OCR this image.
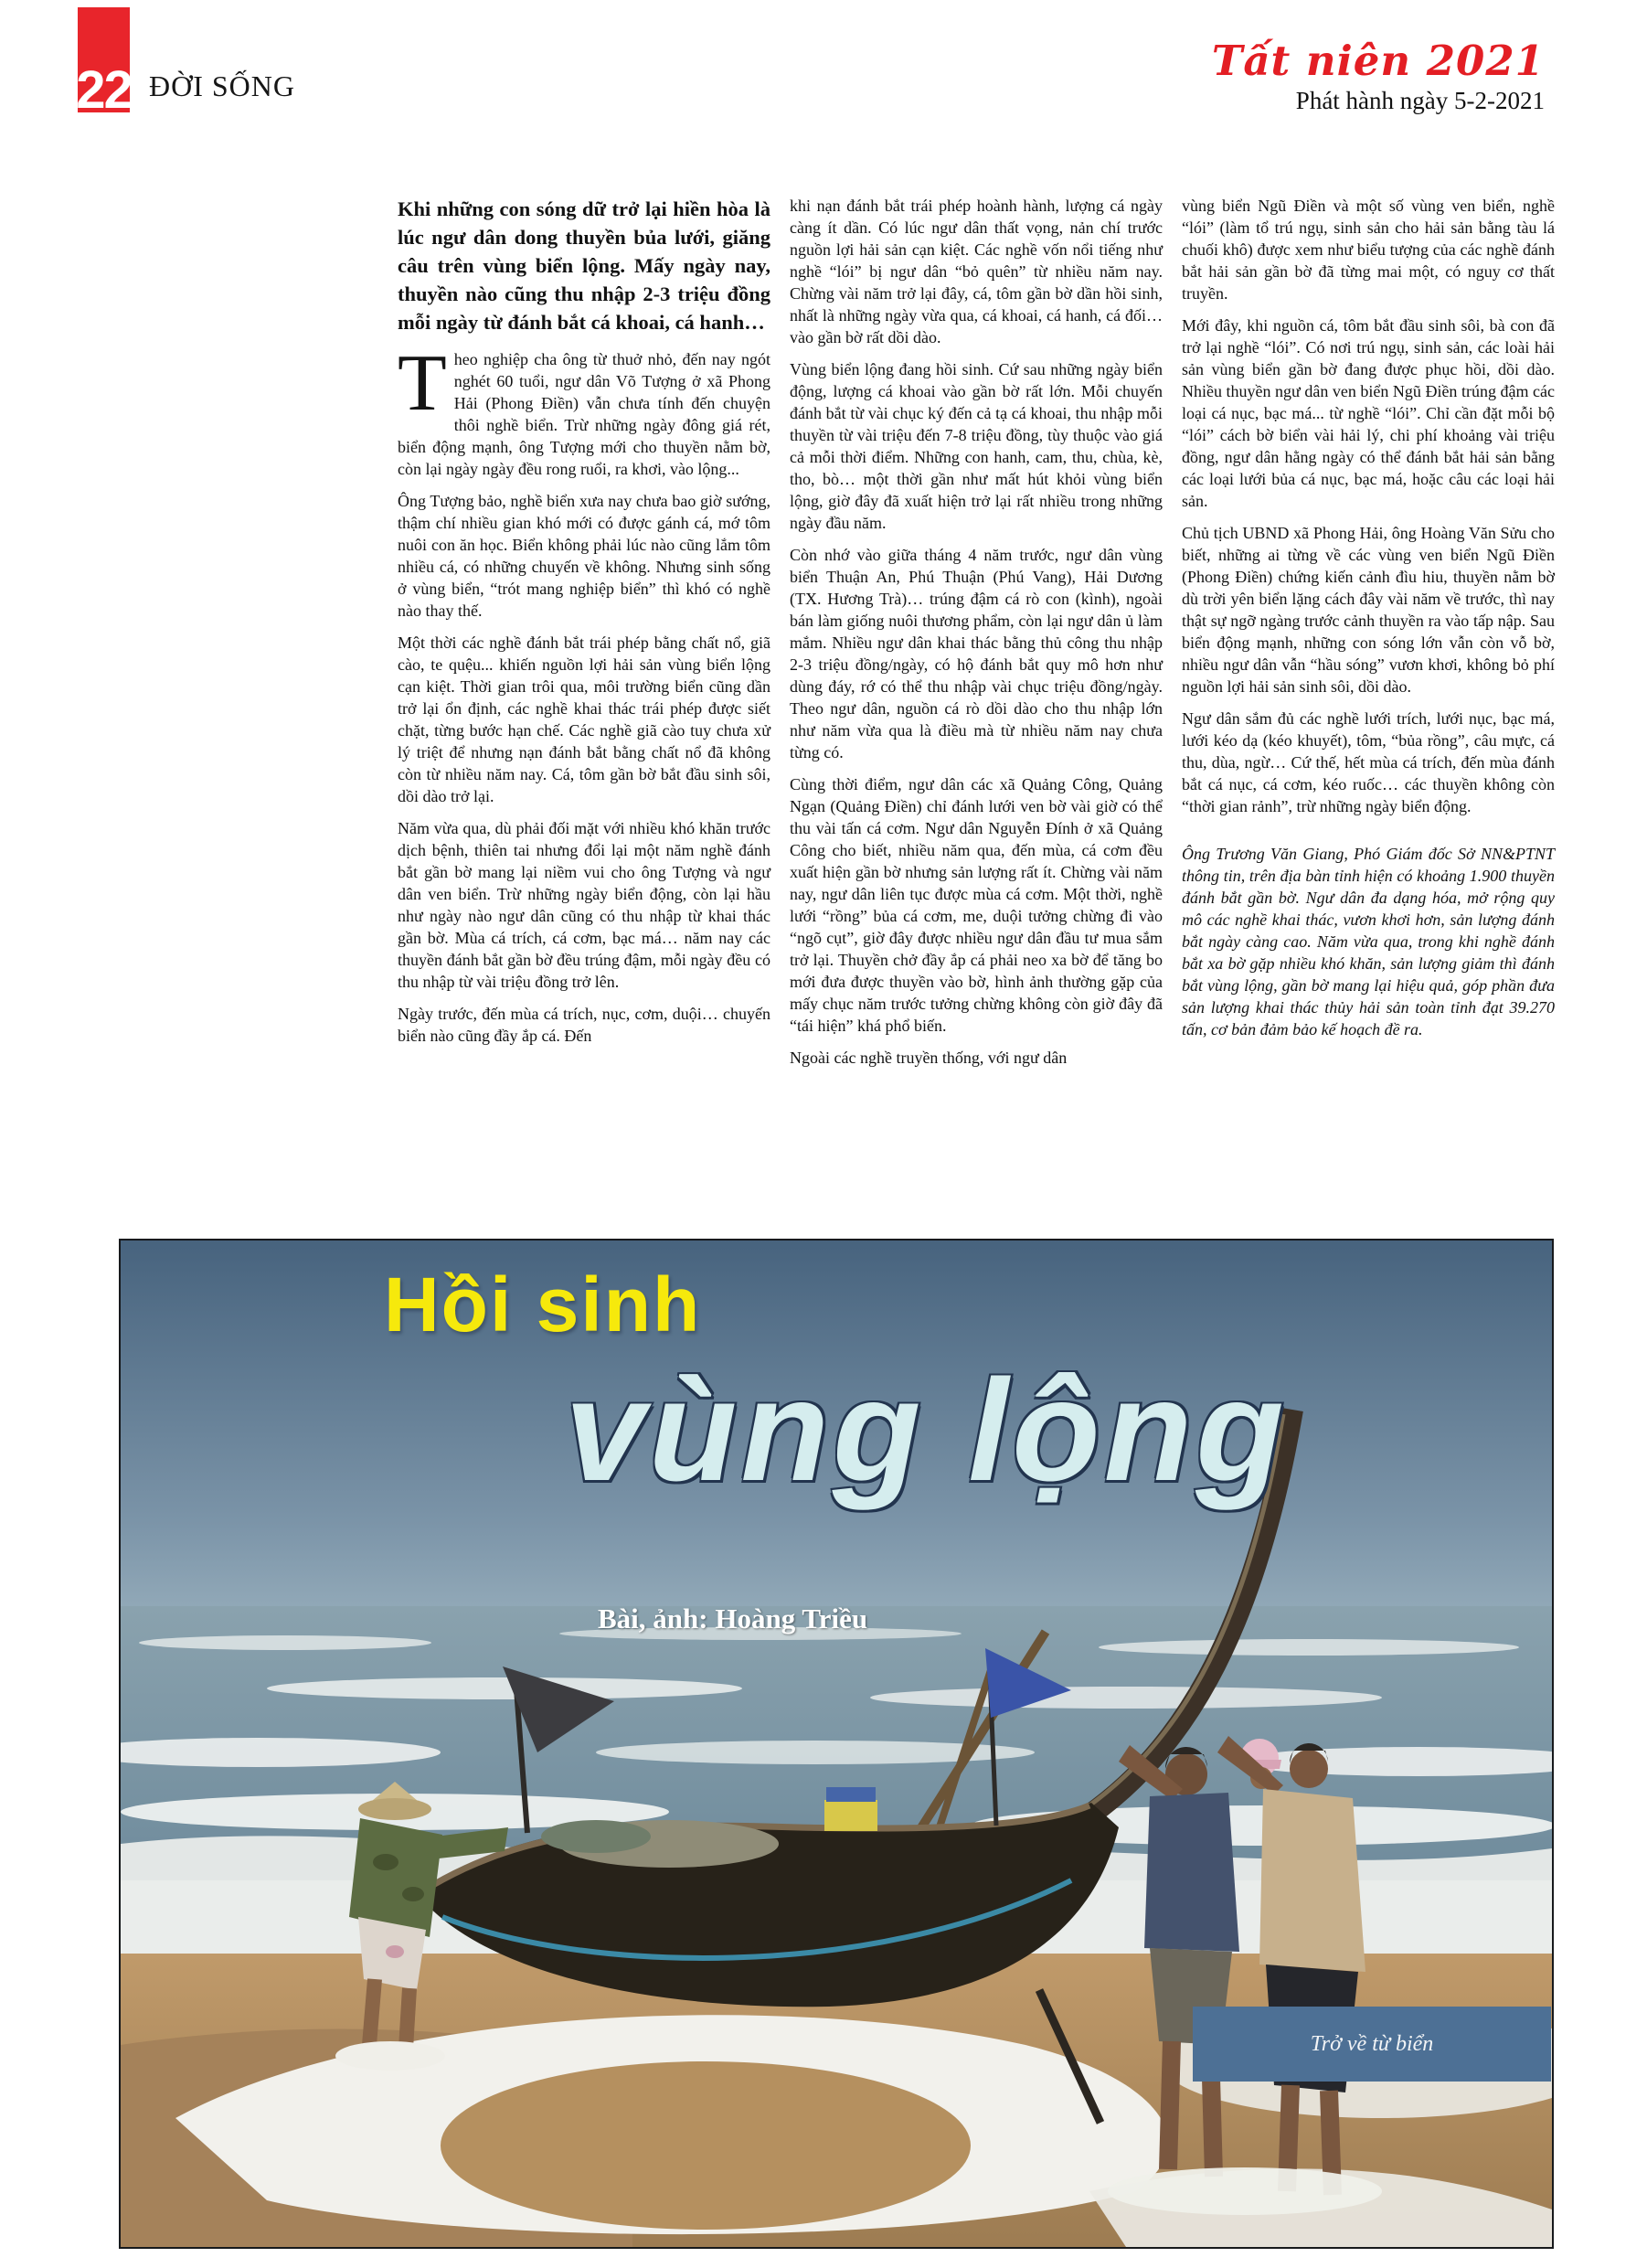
22 ĐỜI SỐNG
Tất niên 2021
Phát hành ngày 5-2-2021

Khi những con sóng dữ trở lại hiền hòa là lúc ngư dân dong thuyền bủa lưới, giăng câu trên vùng biển lộng. Mấy ngày nay, thuyền nào cũng thu nhập 2-3 triệu đồng mỗi ngày từ đánh bắt cá khoai, cá hanh…

Theo nghiệp cha ông từ thuở nhỏ, đến nay ngót nghét 60 tuổi, ngư dân Võ Tượng ở xã Phong Hải (Phong Điền) vẫn chưa tính đến chuyện thôi nghề biển. Trừ những ngày đông giá rét, biển động mạnh, ông Tượng mới cho thuyền nằm bờ, còn lại ngày ngày đều rong ruổi, ra khơi, vào lộng...

Ông Tượng bảo, nghề biển xưa nay chưa bao giờ sướng, thậm chí nhiều gian khó mới có được gánh cá, mớ tôm nuôi con ăn học. Biển không phải lúc nào cũng lắm tôm nhiều cá, có những chuyến về không. Nhưng sinh sống ở vùng biển, “trót mang nghiệp biển” thì khó có nghề nào thay thế.

Một thời các nghề đánh bắt trái phép bằng chất nổ, giã cào, te quệu... khiến nguồn lợi hải sản vùng biển lộng cạn kiệt. Thời gian trôi qua, môi trường biển cũng dần trở lại ổn định, các nghề khai thác trái phép được siết chặt, từng bước hạn chế. Các nghề giã cào tuy chưa xử lý triệt để nhưng nạn đánh bắt bằng chất nổ đã không còn từ nhiều năm nay. Cá, tôm gần bờ bắt đầu sinh sôi, dồi dào trở lại.

Năm vừa qua, dù phải đối mặt với nhiều khó khăn trước dịch bệnh, thiên tai nhưng đổi lại một năm nghề đánh bắt gần bờ mang lại niềm vui cho ông Tượng và ngư dân ven biển. Trừ những ngày biển động, còn lại hầu như ngày nào ngư dân cũng có thu nhập từ khai thác gần bờ. Mùa cá trích, cá cơm, bạc má… năm nay các thuyền đánh bắt gần bờ đều trúng đậm, mỗi ngày đều có thu nhập từ vài triệu đồng trở lên.

Ngày trước, đến mùa cá trích, nục, cơm, duội… chuyến biển nào cũng đầy ắp cá. Đến

khi nạn đánh bắt trái phép hoành hành, lượng cá ngày càng ít dần. Có lúc ngư dân thất vọng, nản chí trước nguồn lợi hải sản cạn kiệt. Các nghề vốn nổi tiếng như nghề “lói” bị ngư dân “bỏ quên” từ nhiều năm nay. Chừng vài năm trở lại đây, cá, tôm gần bờ dần hồi sinh, nhất là những ngày vừa qua, cá khoai, cá hanh, cá đối… vào gần bờ rất dồi dào.

Vùng biển lộng đang hồi sinh. Cứ sau những ngày biển động, lượng cá khoai vào gần bờ rất lớn. Mỗi chuyến đánh bắt từ vài chục ký đến cả tạ cá khoai, thu nhập mỗi thuyền từ vài triệu đến 7-8 triệu đồng, tùy thuộc vào giá cả mỗi thời điểm. Những con hanh, cam, thu, chùa, kè, tho, bò… một thời gần như mất hút khỏi vùng biển lộng, giờ đây đã xuất hiện trở lại rất nhiều trong những ngày đầu năm.

Còn nhớ vào giữa tháng 4 năm trước, ngư dân vùng biển Thuận An, Phú Thuận (Phú Vang), Hải Dương (TX. Hương Trà)… trúng đậm cá rò con (kình), ngoài bán làm giống nuôi thương phẩm, còn lại ngư dân ủ làm mắm. Nhiều ngư dân khai thác bằng thủ công thu nhập 2-3 triệu đồng/ngày, có hộ đánh bắt quy mô hơn như dùng đáy, rớ có thể thu nhập vài chục triệu đồng/ngày. Theo ngư dân, nguồn cá rò dồi dào cho thu nhập lớn như năm vừa qua là điều mà từ nhiều năm nay chưa từng có.

Cùng thời điểm, ngư dân các xã Quảng Công, Quảng Ngạn (Quảng Điền) chỉ đánh lưới ven bờ vài giờ có thể thu vài tấn cá cơm. Ngư dân Nguyễn Đính ở xã Quảng Công cho biết, nhiều năm qua, đến mùa, cá cơm đều xuất hiện gần bờ nhưng sản lượng rất ít. Chừng vài năm nay, ngư dân liên tục được mùa cá cơm. Một thời, nghề lưới “rồng” bủa cá cơm, me, duội tưởng chừng đi vào “ngõ cụt”, giờ đây được nhiều ngư dân đầu tư mua sắm trở lại. Thuyền chở đầy ắp cá phải neo xa bờ để tăng bo mới đưa được thuyền vào bờ, hình ảnh thường gặp của mấy chục năm trước tưởng chừng không còn giờ đây đã “tái hiện” khá phổ biến.

Ngoài các nghề truyền thống, với ngư dân

vùng biển Ngũ Điền và một số vùng ven biển, nghề “lói” (làm tổ trú ngụ, sinh sản cho hải sản bằng tàu lá chuối khô) được xem như biểu tượng của các nghề đánh bắt hải sản gần bờ đã từng mai một, có nguy cơ thất truyền.

Mới đây, khi nguồn cá, tôm bắt đầu sinh sôi, bà con đã trở lại nghề “lói”. Có nơi trú ngụ, sinh sản, các loài hải sản vùng biển gần bờ đang được phục hồi, dồi dào. Nhiều thuyền ngư dân ven biển Ngũ Điền trúng đậm các loại cá nục, bạc má... từ nghề “lói”. Chỉ cần đặt mỗi bộ “lói” cách bờ biển vài hải lý, chi phí khoảng vài triệu đồng, ngư dân hằng ngày có thể đánh bắt hải sản bằng các loại lưới bủa cá nục, bạc má, hoặc câu các loại hải sản.

Chủ tịch UBND xã Phong Hải, ông Hoàng Văn Sửu cho biết, những ai từng về các vùng ven biển Ngũ Điền (Phong Điền) chứng kiến cảnh đìu hiu, thuyền nằm bờ dù trời yên biển lặng cách đây vài năm về trước, thì nay thật sự ngỡ ngàng trước cảnh thuyền ra vào tấp nập. Sau biển động mạnh, những con sóng lớn vẫn còn vỗ bờ, nhiều ngư dân vẫn “hầu sóng” vươn khơi, không bỏ phí nguồn lợi hải sản sinh sôi, dồi dào.

Ngư dân sắm đủ các nghề lưới trích, lưới nục, bạc má, lưới kéo dạ (kéo khuyết), tôm, “bủa rồng”, câu mực, cá thu, dùa, ngừ… Cứ thế, hết mùa cá trích, đến mùa đánh bắt cá nục, cá cơm, kéo ruốc… các thuyền không còn “thời gian rảnh”, trừ những ngày biển động.

Ông Trương Văn Giang, Phó Giám đốc Sở NN&PTNT thông tin, trên địa bàn tỉnh hiện có khoảng 1.900 thuyền đánh bắt gần bờ. Ngư dân đa dạng hóa, mở rộng quy mô các nghề khai thác, vươn khơi hơn, sản lượng đánh bắt ngày càng cao. Năm vừa qua, trong khi nghề đánh bắt xa bờ gặp nhiều khó khăn, sản lượng giảm thì đánh bắt vùng lộng, gần bờ mang lại hiệu quả, góp phần đưa sản lượng khai thác thủy hải sản toàn tỉnh đạt 39.270 tấn, cơ bản đảm bảo kế hoạch đề ra.

Hồi sinh
vùng lộng
Bài, ảnh: Hoàng Triều
Trở về từ biển
